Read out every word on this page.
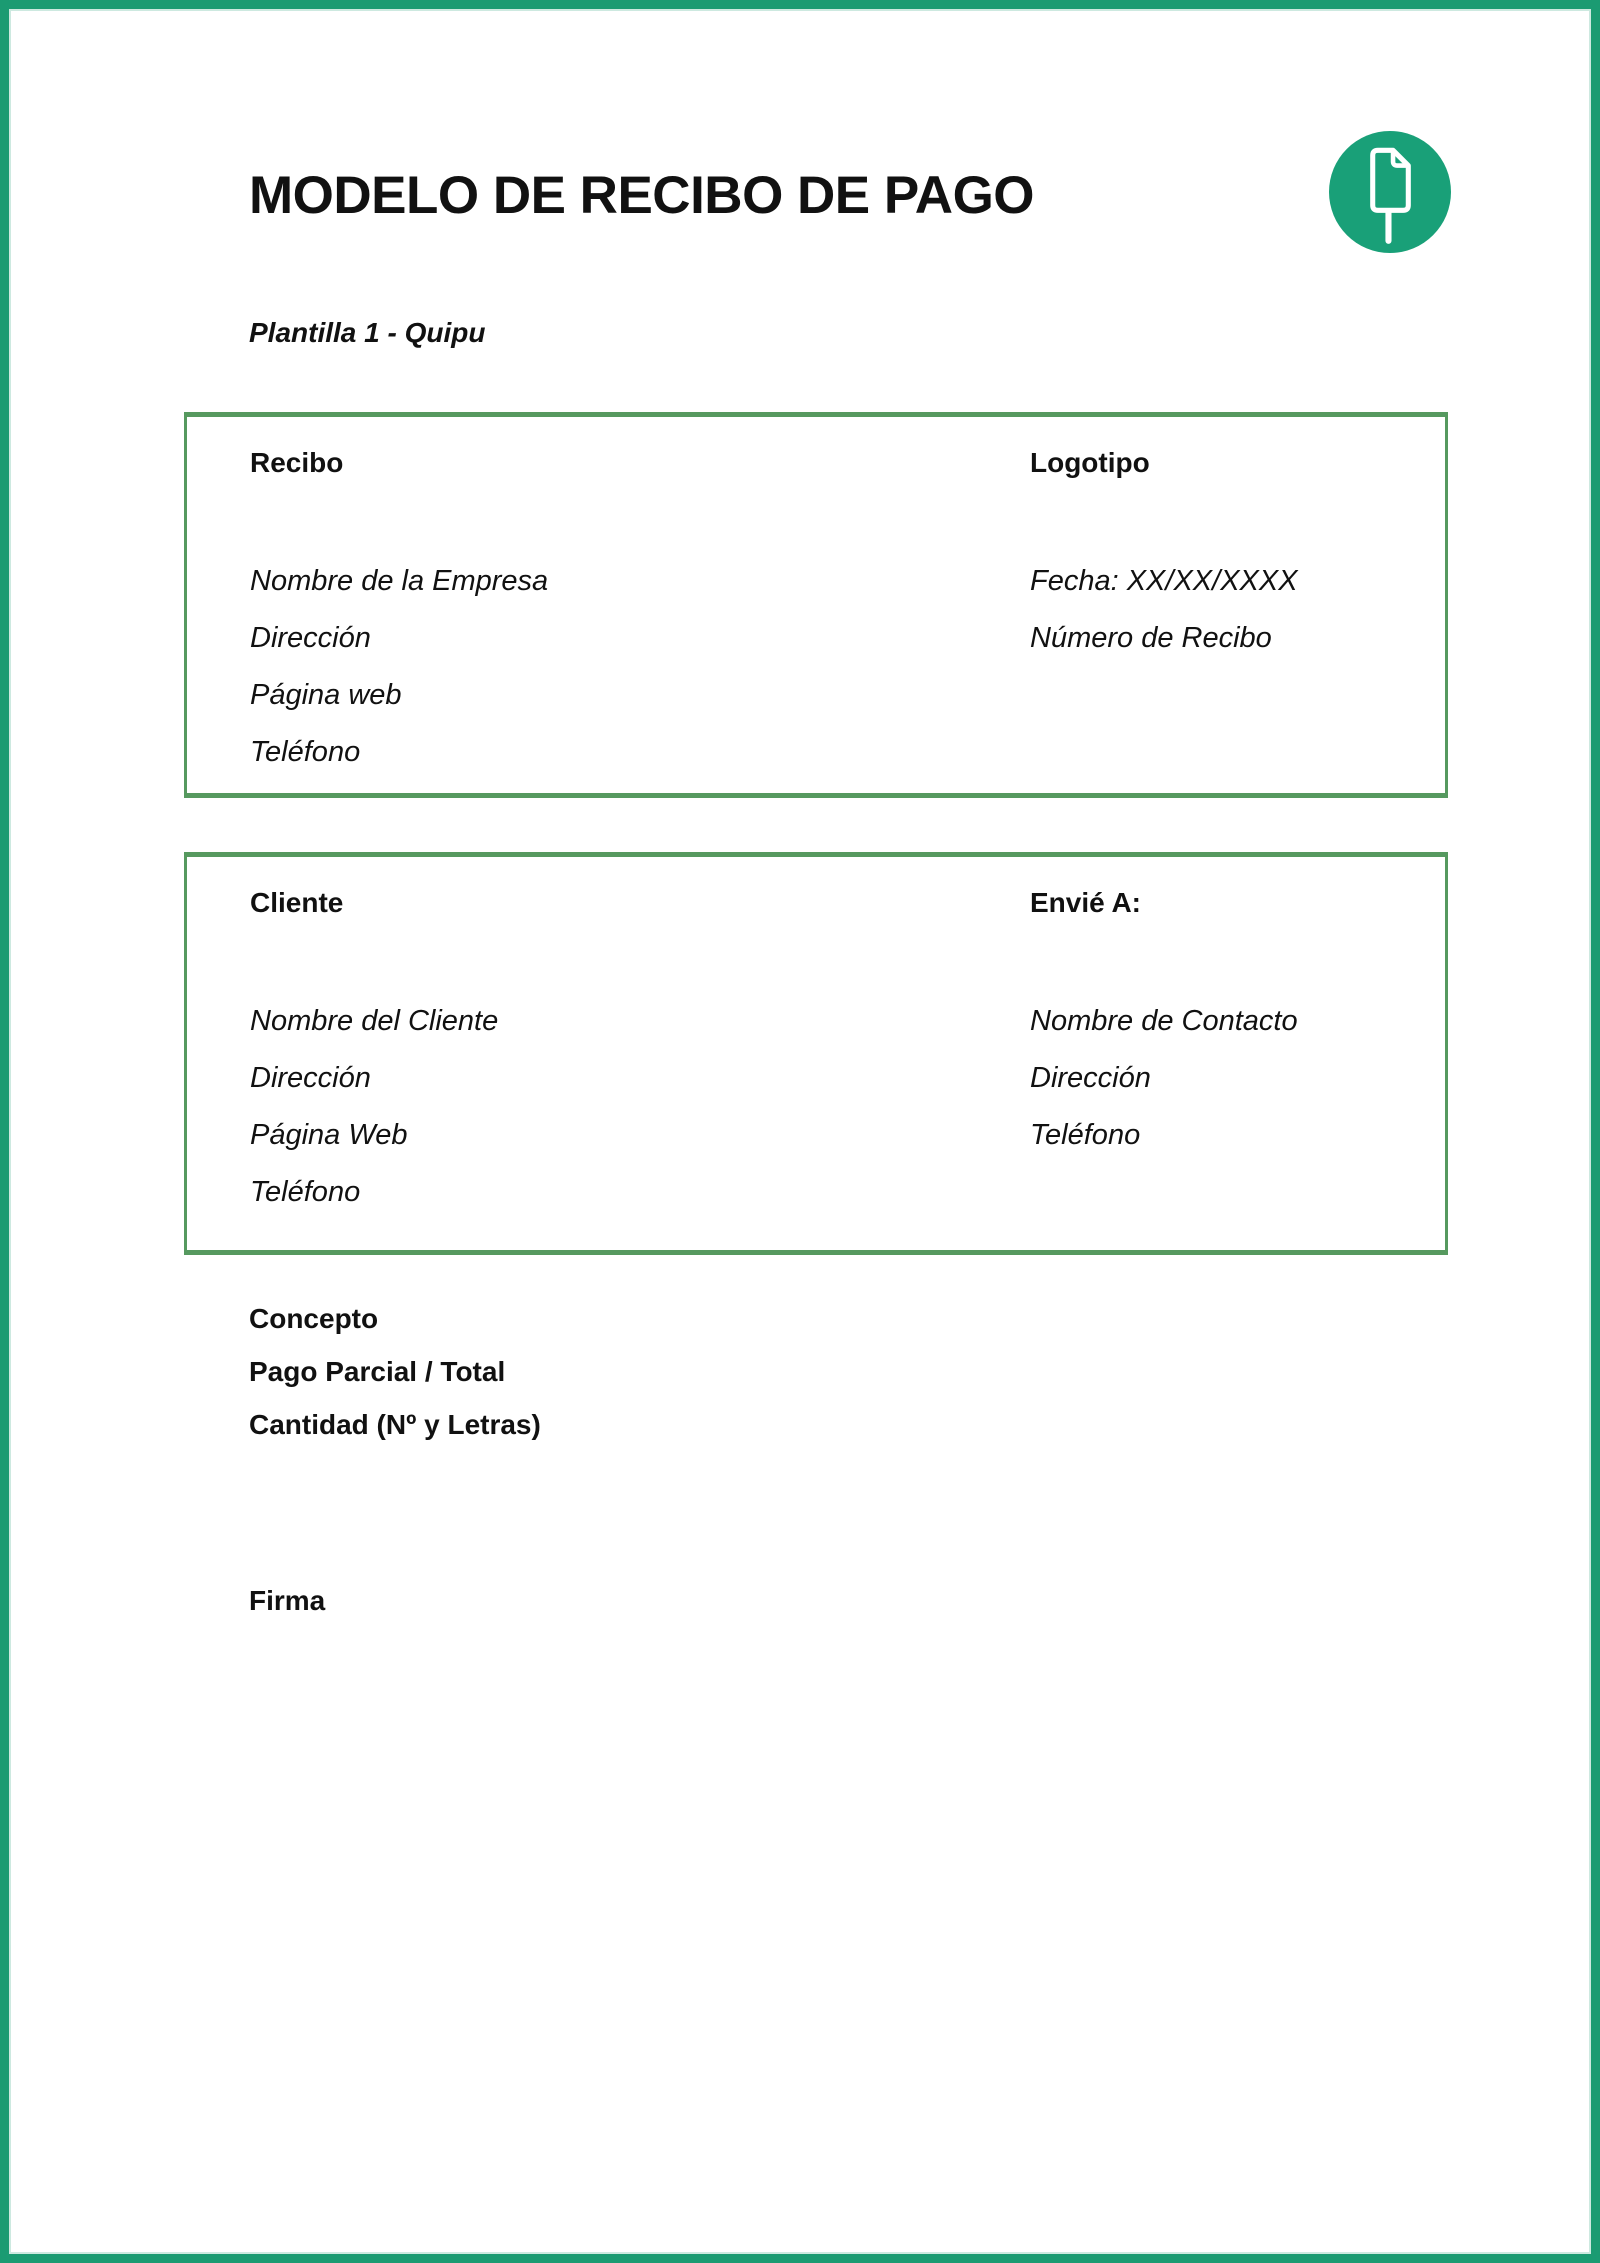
MODELO DE RECIBO DE PAGO
Plantilla 1 - Quipu
Recibo

Nombre de la Empresa

Dirección

Página web

Teléfono

Logotipo

Fecha: XX/XX/XXXX

Número de Recibo

Cliente

Nombre del Cliente

Dirección

Página Web

Teléfono

Envié A:

Nombre de Contacto

Dirección

Teléfono

Concepto

Pago Parcial / Total

Cantidad (Nº y Letras)

Firma
